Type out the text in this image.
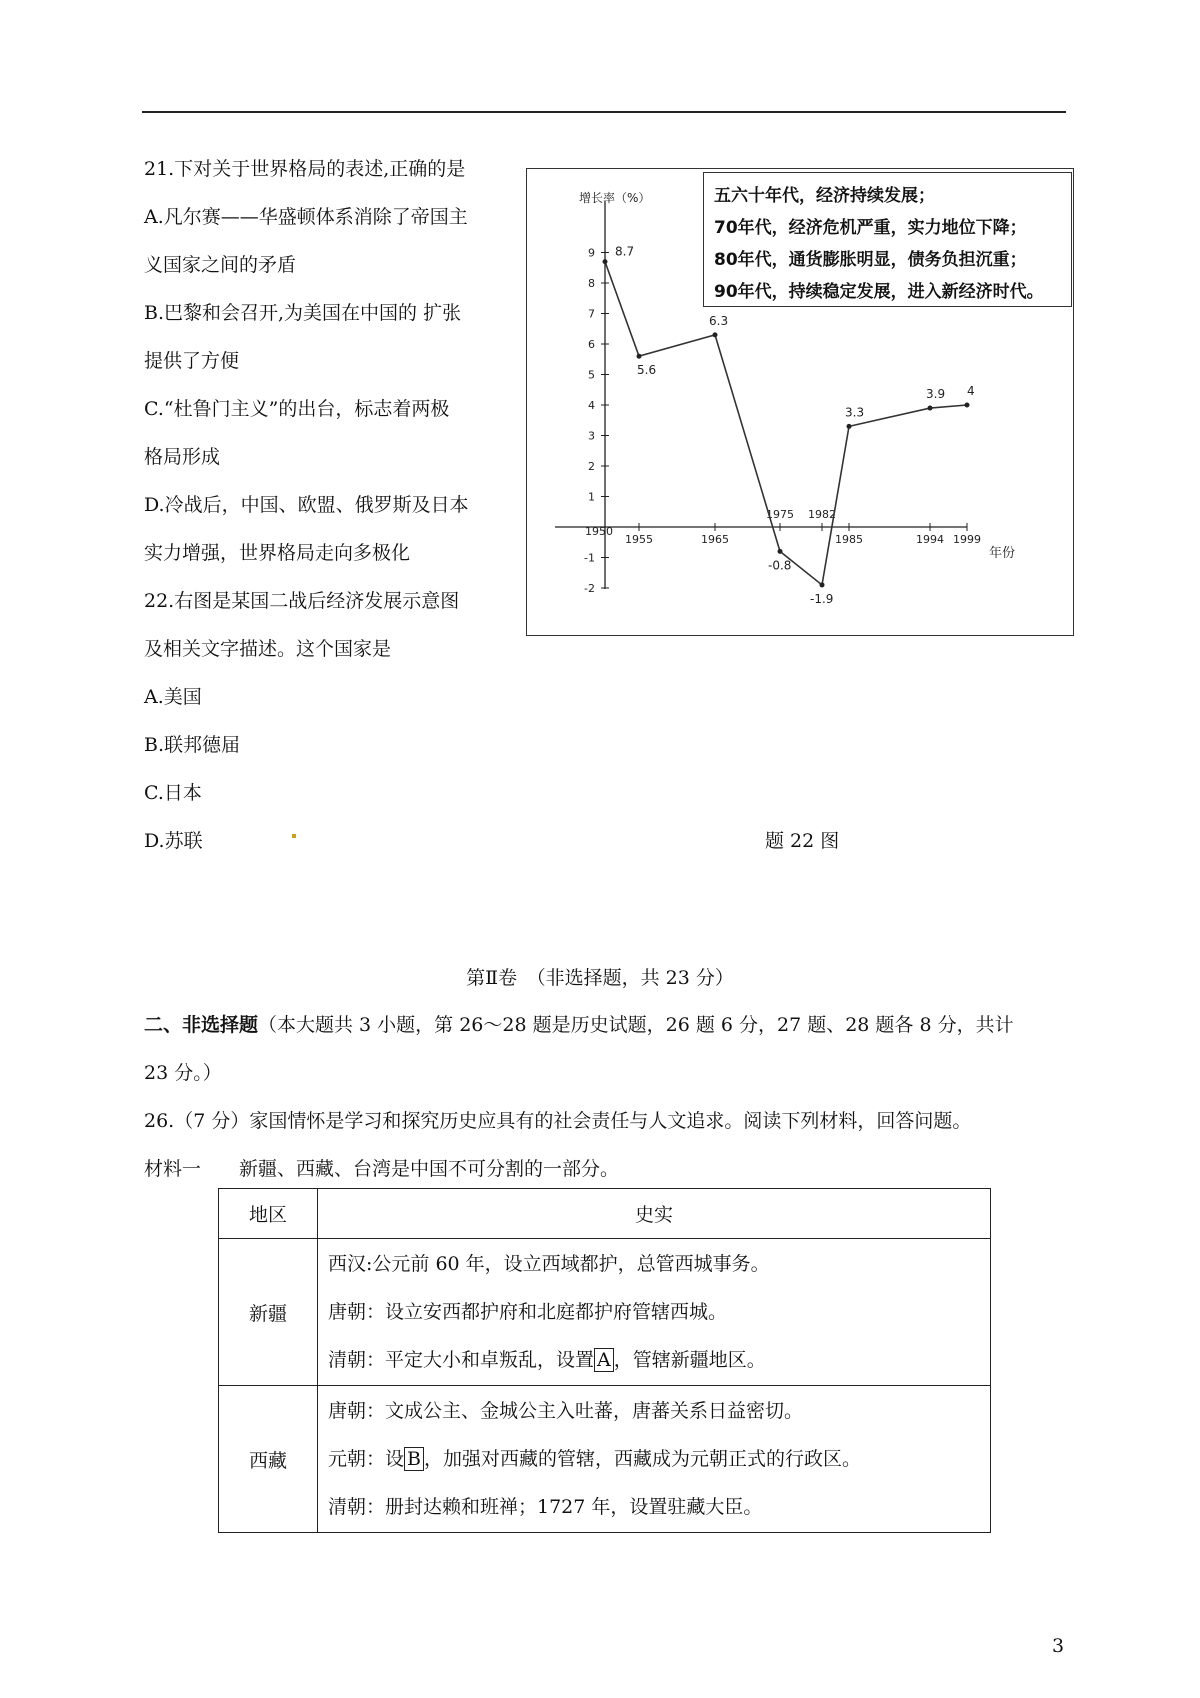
21.下对关于世界格局的表述,正确的是
A.凡尔赛——华盛顿体系消除了帝国主
义国家之间的矛盾
B.巴黎和会召开,为美国在中国的 扩张
提供了方便
C.“杜鲁门主义”的出台，标志着两极
格局形成
D.冷战后，中国、欧盟、俄罗斯及日本
实力增强，世界格局走向多极化
22.右图是某国二战后经济发展示意图
及相关文字描述。这个国家是
A.美国
B.联邦德届
C.日本
D.苏联	题 22 图
增长率（%）
年份
9
8
7
6
5
4
3
2
1
-1
-2
1950
1955	1965
1975 1982
1985	1994 1999
8.7
5.6
6.3
-0.8
-1.9
3.3
3.9 4
五六十年代，经济持续发展；
70年代，经济危机严重，实力地位下降；
80年代，通货膨胀明显，债务负担沉重；
90年代，持续稳定发展，进入新经济时代。
第Ⅱ卷　（非选择题，共 23 分）
二、非选择题（本大题共 3 小题，第 26～28 题是历史试题，26 题 6 分，27 题、28 题各 8 分，共计
23 分。）
26.（7 分）家国情怀是学习和探究历史应具有的社会责任与人文追求。阅读下列材料，回答问题。
材料一　　新疆、西藏、台湾是中国不可分割的一部分。
地区	史实
新疆	西汉:公元前 60 年，设立西域都护，总管西城事务。
唐朝：设立安西都护府和北庭都护府管辖西城。
清朝：平定大小和卓叛乱，设置 A ，管辖新疆地区。

西藏	唐朝：文成公主、金城公主入吐蕃，唐蕃关系日益密切。
元朝：设 B ，加强对西藏的管辖，西藏成为元朝正式的行政区。
清朝：册封达赖和班禅；1727 年，设置驻藏大臣。
3
